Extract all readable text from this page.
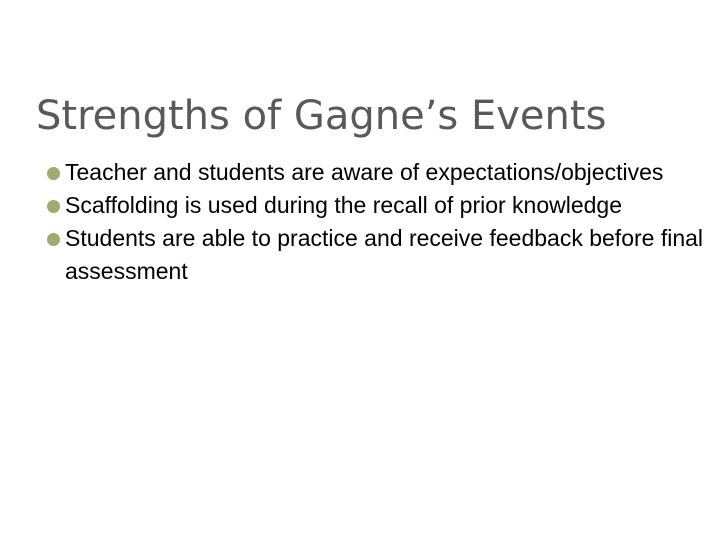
Strengths of Gagne’s Events
Teacher and students are aware of expectations/objectives
Scaffolding is used during the recall of prior knowledge
Students are able to practice and receive feedback before final assessment
